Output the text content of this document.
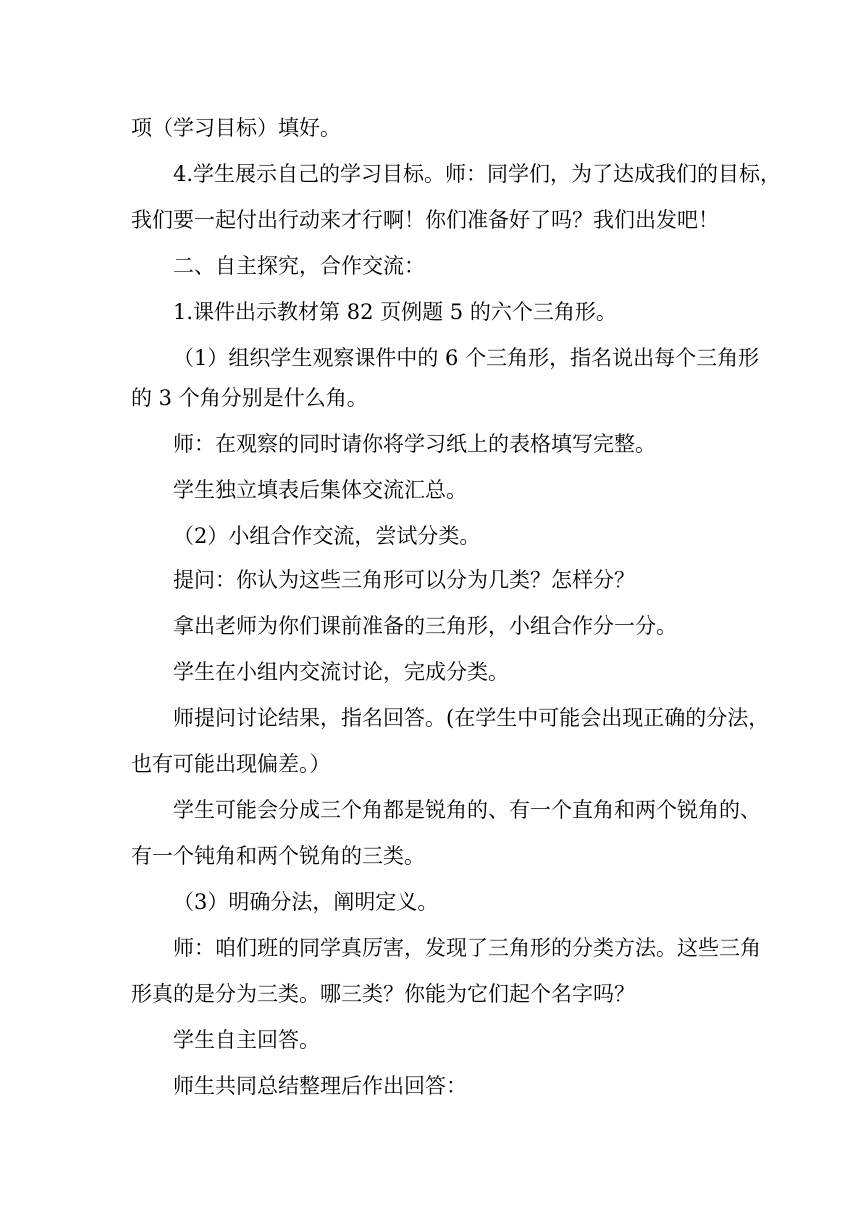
项（学习目标）填好。
4.学生展示自己的学习目标。师：同学们，为了达成我们的目标，
我们要一起付出行动来才行啊！你们准备好了吗？我们出发吧！
二、自主探究，合作交流：
1.课件出示教材第 82 页例题 5 的六个三角形。
（1）组织学生观察课件中的 6 个三角形，指名说出每个三角形
的 3 个角分别是什么角。
师：在观察的同时请你将学习纸上的表格填写完整。
学生独立填表后集体交流汇总。
（2）小组合作交流，尝试分类。
提问：你认为这些三角形可以分为几类？怎样分？
拿出老师为你们课前准备的三角形，小组合作分一分。
学生在小组内交流讨论，完成分类。
师提问讨论结果，指名回答。(在学生中可能会出现正确的分法，
也有可能出现偏差。）
学生可能会分成三个角都是锐角的、有一个直角和两个锐角的、
有一个钝角和两个锐角的三类。
（3）明确分法，阐明定义。
师：咱们班的同学真厉害，发现了三角形的分类方法。这些三角
形真的是分为三类。哪三类？你能为它们起个名字吗？
学生自主回答。
师生共同总结整理后作出回答：
